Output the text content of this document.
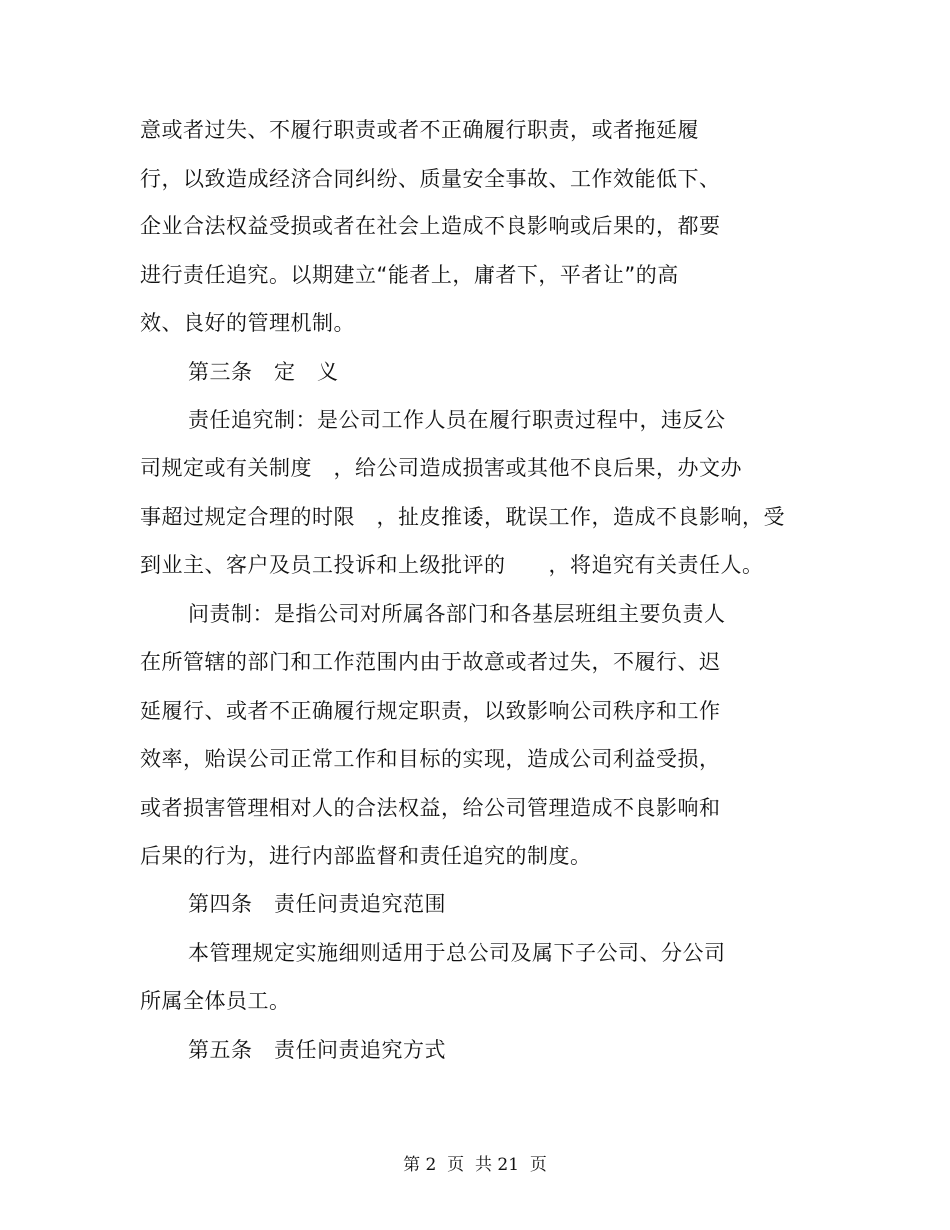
意或者过失、不履行职责或者不正确履行职责，或者拖延履
行，以致造成经济合同纠纷、质量安全事故、工作效能低下、
企业合法权益受损或者在社会上造成不良影响或后果的，都要
进行责任追究。以期建立“能者上，庸者下，平者让”的高
效、良好的管理机制。
第三条　定　义
责任追究制：是公司工作人员在履行职责过程中，违反公
司规定或有关制度　，给公司造成损害或其他不良后果，办文办
事超过规定合理的时限　，扯皮推诿，耽误工作，造成不良影响，受
到业主、客户及员工投诉和上级批评的　　，将追究有关责任人。
问责制：是指公司对所属各部门和各基层班组主要负责人
在所管辖的部门和工作范围内由于故意或者过失，不履行、迟
延履行、或者不正确履行规定职责，以致影响公司秩序和工作
效率，贻误公司正常工作和目标的实现，造成公司利益受损，
或者损害管理相对人的合法权益，给公司管理造成不良影响和
后果的行为，进行内部监督和责任追究的制度。
第四条　责任问责追究范围
本管理规定实施细则适用于总公司及属下子公司、分公司
所属全体员工。
第五条　责任问责追究方式
第 2  页  共 21  页
